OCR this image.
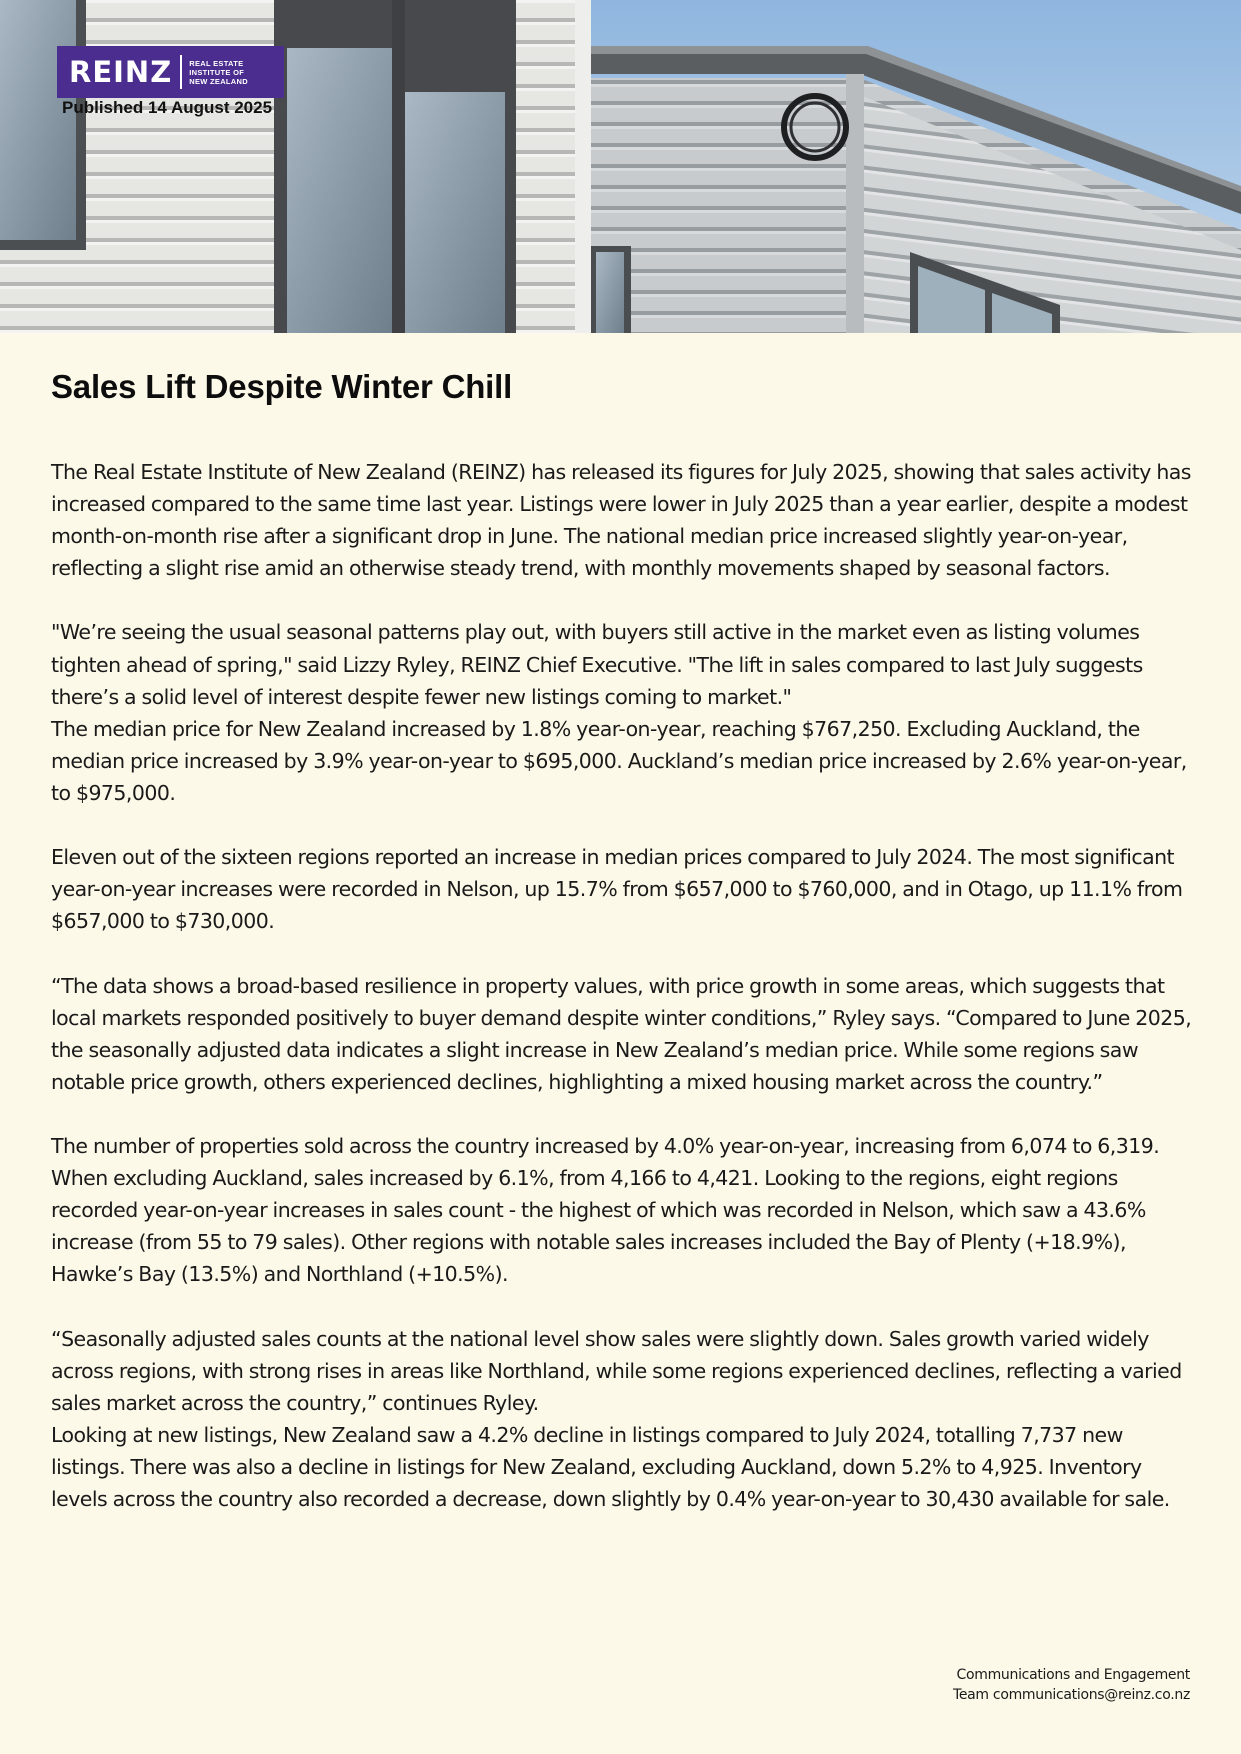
REINZ REAL ESTATE
INSTITUTE OF
NEW ZEALAND
Published 14 August 2025
Sales Lift Despite Winter Chill

The Real Estate Institute of New Zealand (REINZ) has released its figures for July 2025, showing that sales activity has increased compared to the same time last year. Listings were lower in July 2025 than a year earlier, despite a modest month-on-month rise after a significant drop in June. The national median price increased slightly year-on-year, reflecting a slight rise amid an otherwise steady trend, with monthly movements shaped by seasonal factors.

"We’re seeing the usual seasonal patterns play out, with buyers still active in the market even as listing volumes tighten ahead of spring," said Lizzy Ryley, REINZ Chief Executive. "The lift in sales compared to last July suggests there’s a solid level of interest despite fewer new listings coming to market."

The median price for New Zealand increased by 1.8% year-on-year, reaching $767,250. Excluding Auckland, the median price increased by 3.9% year-on-year to $695,000. Auckland’s median price increased by 2.6% year-on-year, to $975,000.

Eleven out of the sixteen regions reported an increase in median prices compared to July 2024. The most significant year-on-year increases were recorded in Nelson, up 15.7% from $657,000 to $760,000, and in Otago, up 11.1% from $657,000 to $730,000.

“The data shows a broad-based resilience in property values, with price growth in some areas, which suggests that local markets responded positively to buyer demand despite winter conditions,” Ryley says. “Compared to June 2025, the seasonally adjusted data indicates a slight increase in New Zealand’s median price. While some regions saw notable price growth, others experienced declines, highlighting a mixed housing market across the country.”

The number of properties sold across the country increased by 4.0% year-on-year, increasing from 6,074 to 6,319. When excluding Auckland, sales increased by 6.1%, from 4,166 to 4,421. Looking to the regions, eight regions recorded year-on-year increases in sales count - the highest of which was recorded in Nelson, which saw a 43.6% increase (from 55 to 79 sales). Other regions with notable sales increases included the Bay of Plenty (+18.9%), Hawke’s Bay (13.5%) and Northland (+10.5%).

“Seasonally adjusted sales counts at the national level show sales were slightly down. Sales growth varied widely across regions, with strong rises in areas like Northland, while some regions experienced declines, reflecting a varied sales market across the country,” continues Ryley.

Looking at new listings, New Zealand saw a 4.2% decline in listings compared to July 2024, totalling 7,737 new listings. There was also a decline in listings for New Zealand, excluding Auckland, down 5.2% to 4,925. Inventory levels across the country also recorded a decrease, down slightly by 0.4% year-on-year to 30,430 available for sale.

Communications and Engagement
Team communications@reinz.co.nz
